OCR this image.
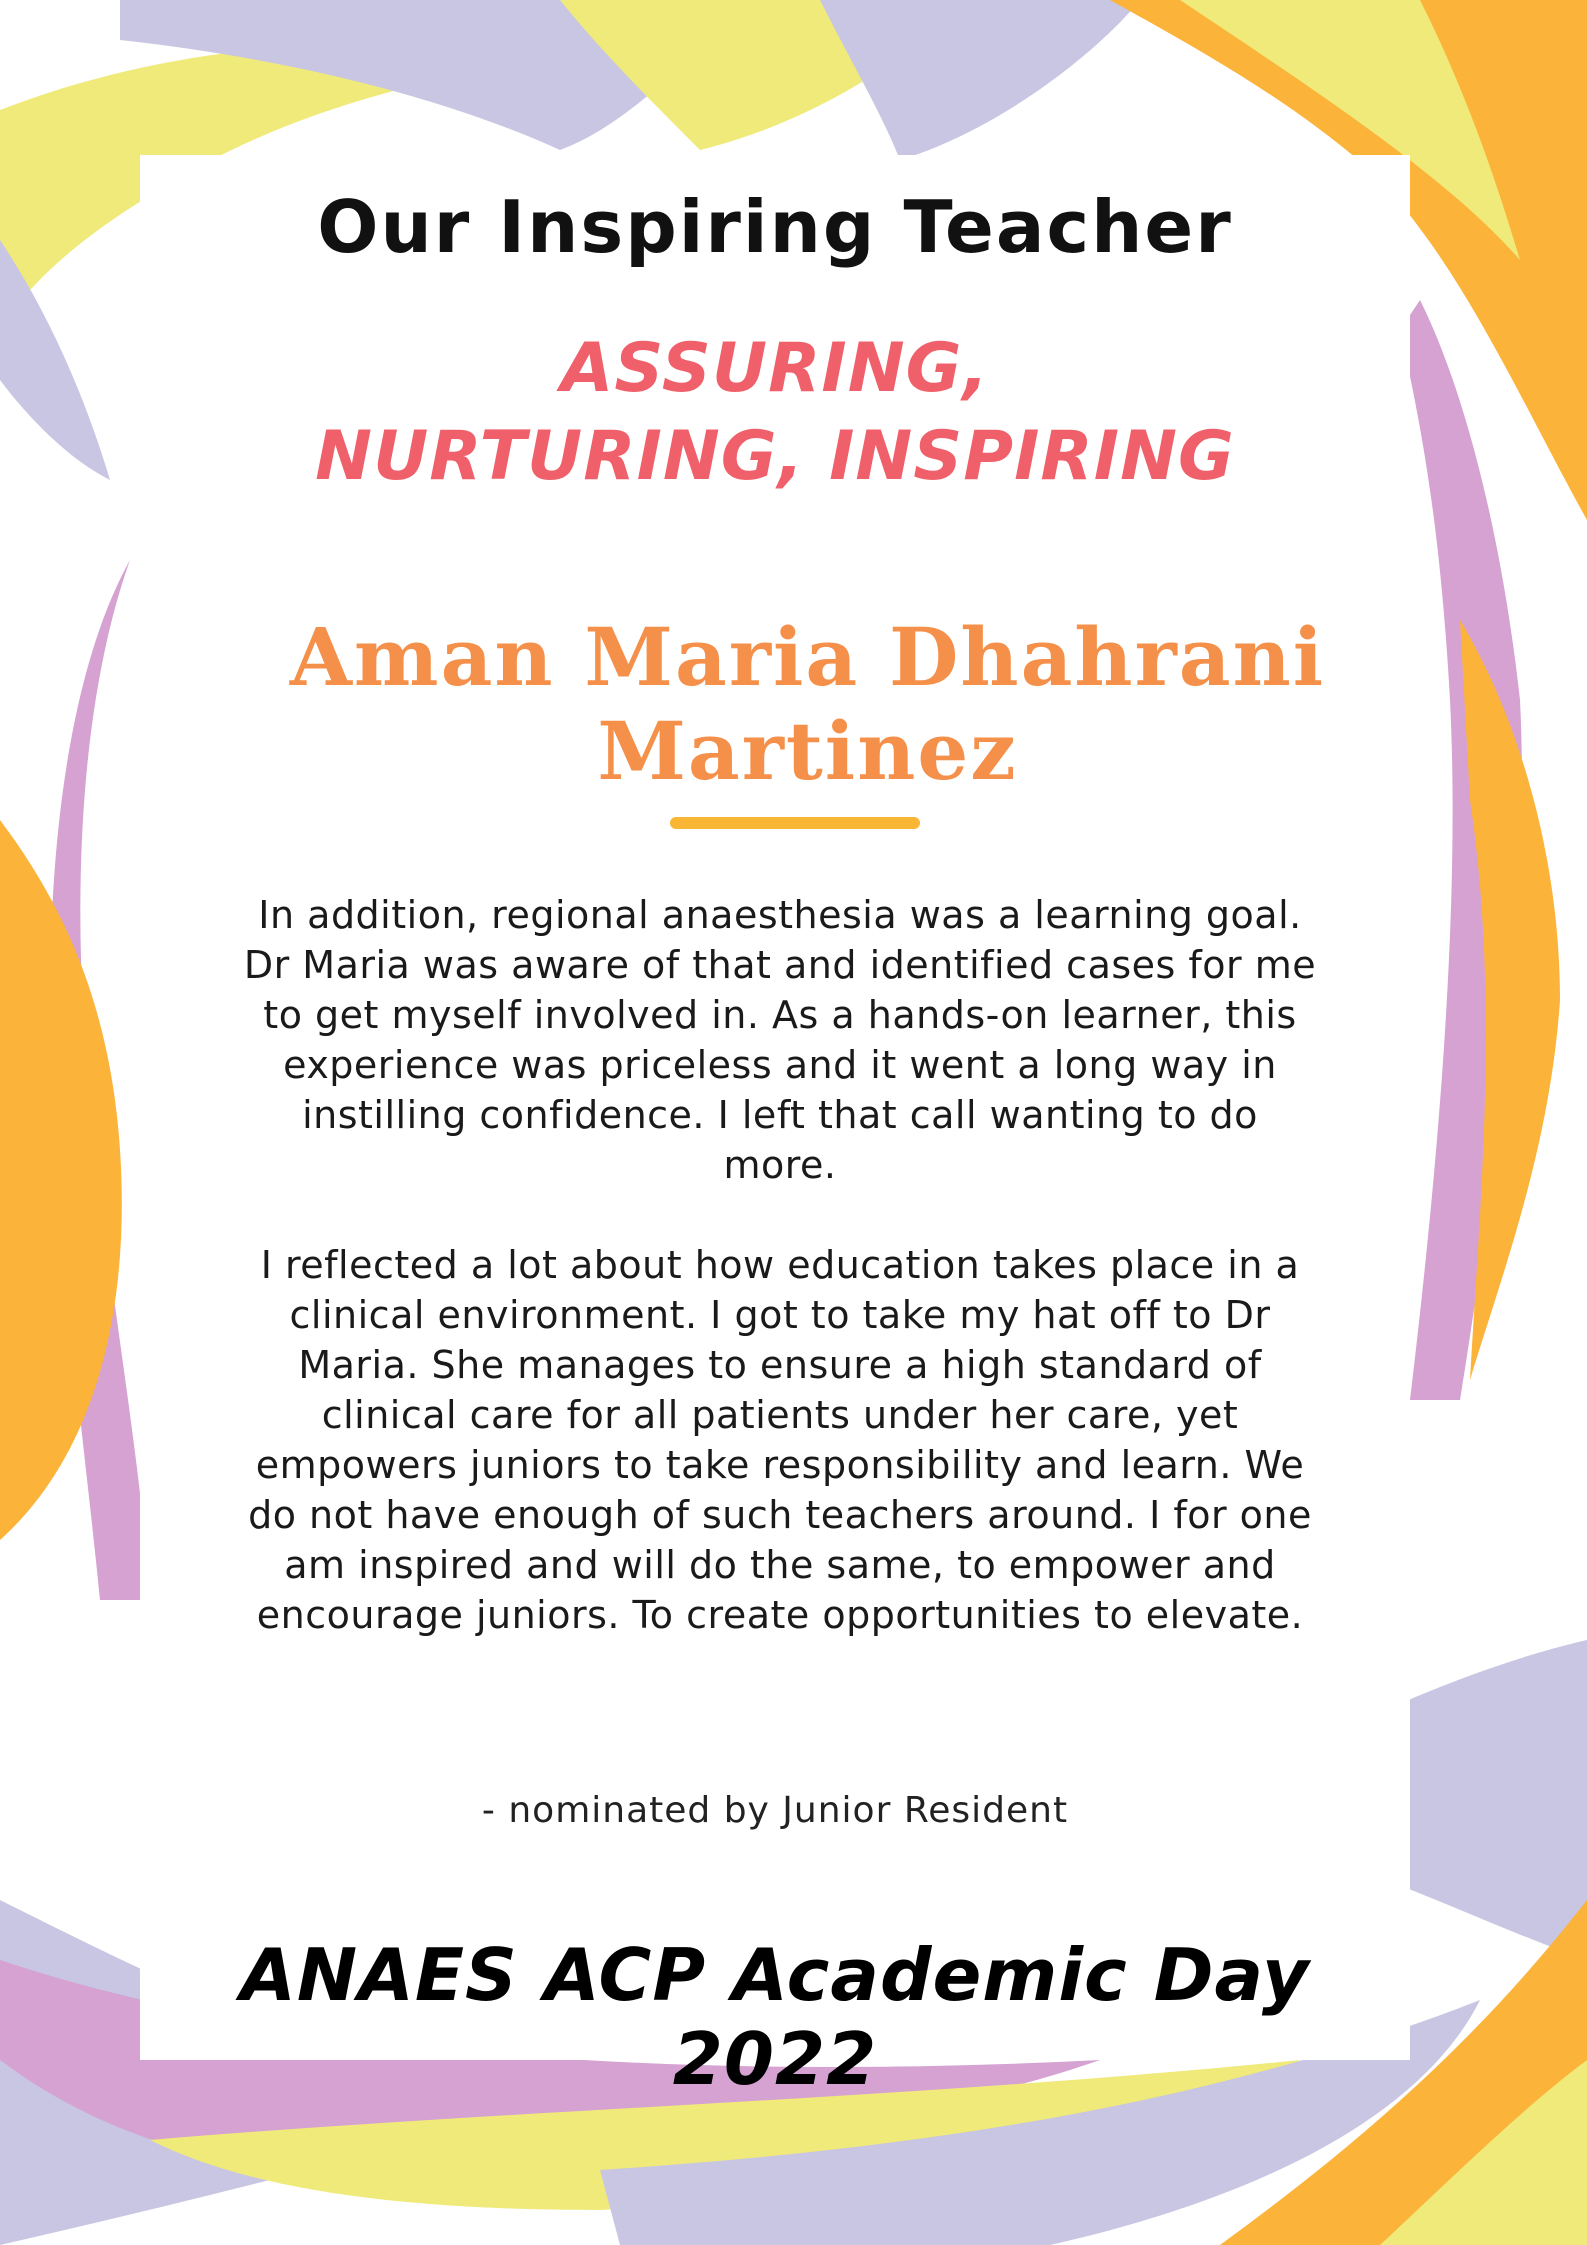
Our Inspiring Teacher
ASSURING, NURTURING, INSPIRING
Aman Maria Dhahrani Martinez

In addition, regional anaesthesia was a learning goal. Dr Maria was aware of that and identified cases for me to get myself involved in. As a hands-on learner, this experience was priceless and it went a long way in instilling confidence. I left that call wanting to do more.

I reflected a lot about how education takes place in a clinical environment. I got to take my hat off to Dr Maria. She manages to ensure a high standard of clinical care for all patients under her care, yet empowers juniors to take responsibility and learn. We do not have enough of such teachers around. I for one am inspired and will do the same, to empower and encourage juniors. To create opportunities to elevate.

- nominated by Junior Resident
ANAES ACP Academic Day 2022
